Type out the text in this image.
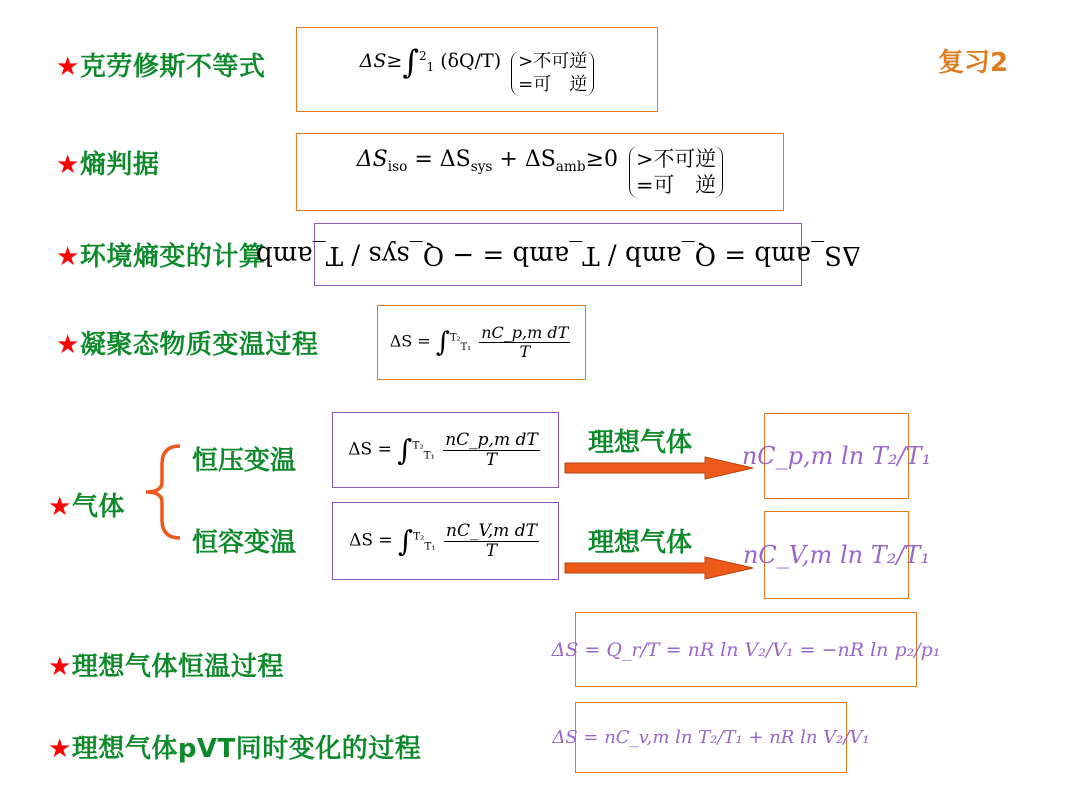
复习2
★克劳修斯不等式	ΔS≥∫$^2_1$ (δQ/T) >不可逆
=可　逆
★熵判据	$\Delta S_{iso} = \Delta S_{sys} + \Delta S_{amb}\ge 0$ >不可逆
=可　逆
★环境熵变的计算
ΔS_amb = Q_amb / T_amb = − Q_sys / T_amb
★凝聚态物质变温过程	$\Delta S = \int^{T_2}_{T_1} \frac{\text{nC\_p,m dT}}{T}$
★气体
恒压变温	$\Delta S = \int^{T_2}_{T_1} \frac{\text{nC\_p,m dT}}{T}$ 理想气体 nC_p,m ln T₂/T₁
恒容变温	$\Delta S = \int^{T_2}_{T_1} \frac{\text{nC\_V,m dT}}{T}$ 理想气体 nC_V,m ln T₂/T₁
★理想气体恒温过程
ΔS = Q_r/T = nR ln V₂/V₁ = −nR ln p₂/p₁
★理想气体pVT同时变化的过程	ΔS = nC_v,m ln T₂/T₁ + nR ln V₂/V₁
